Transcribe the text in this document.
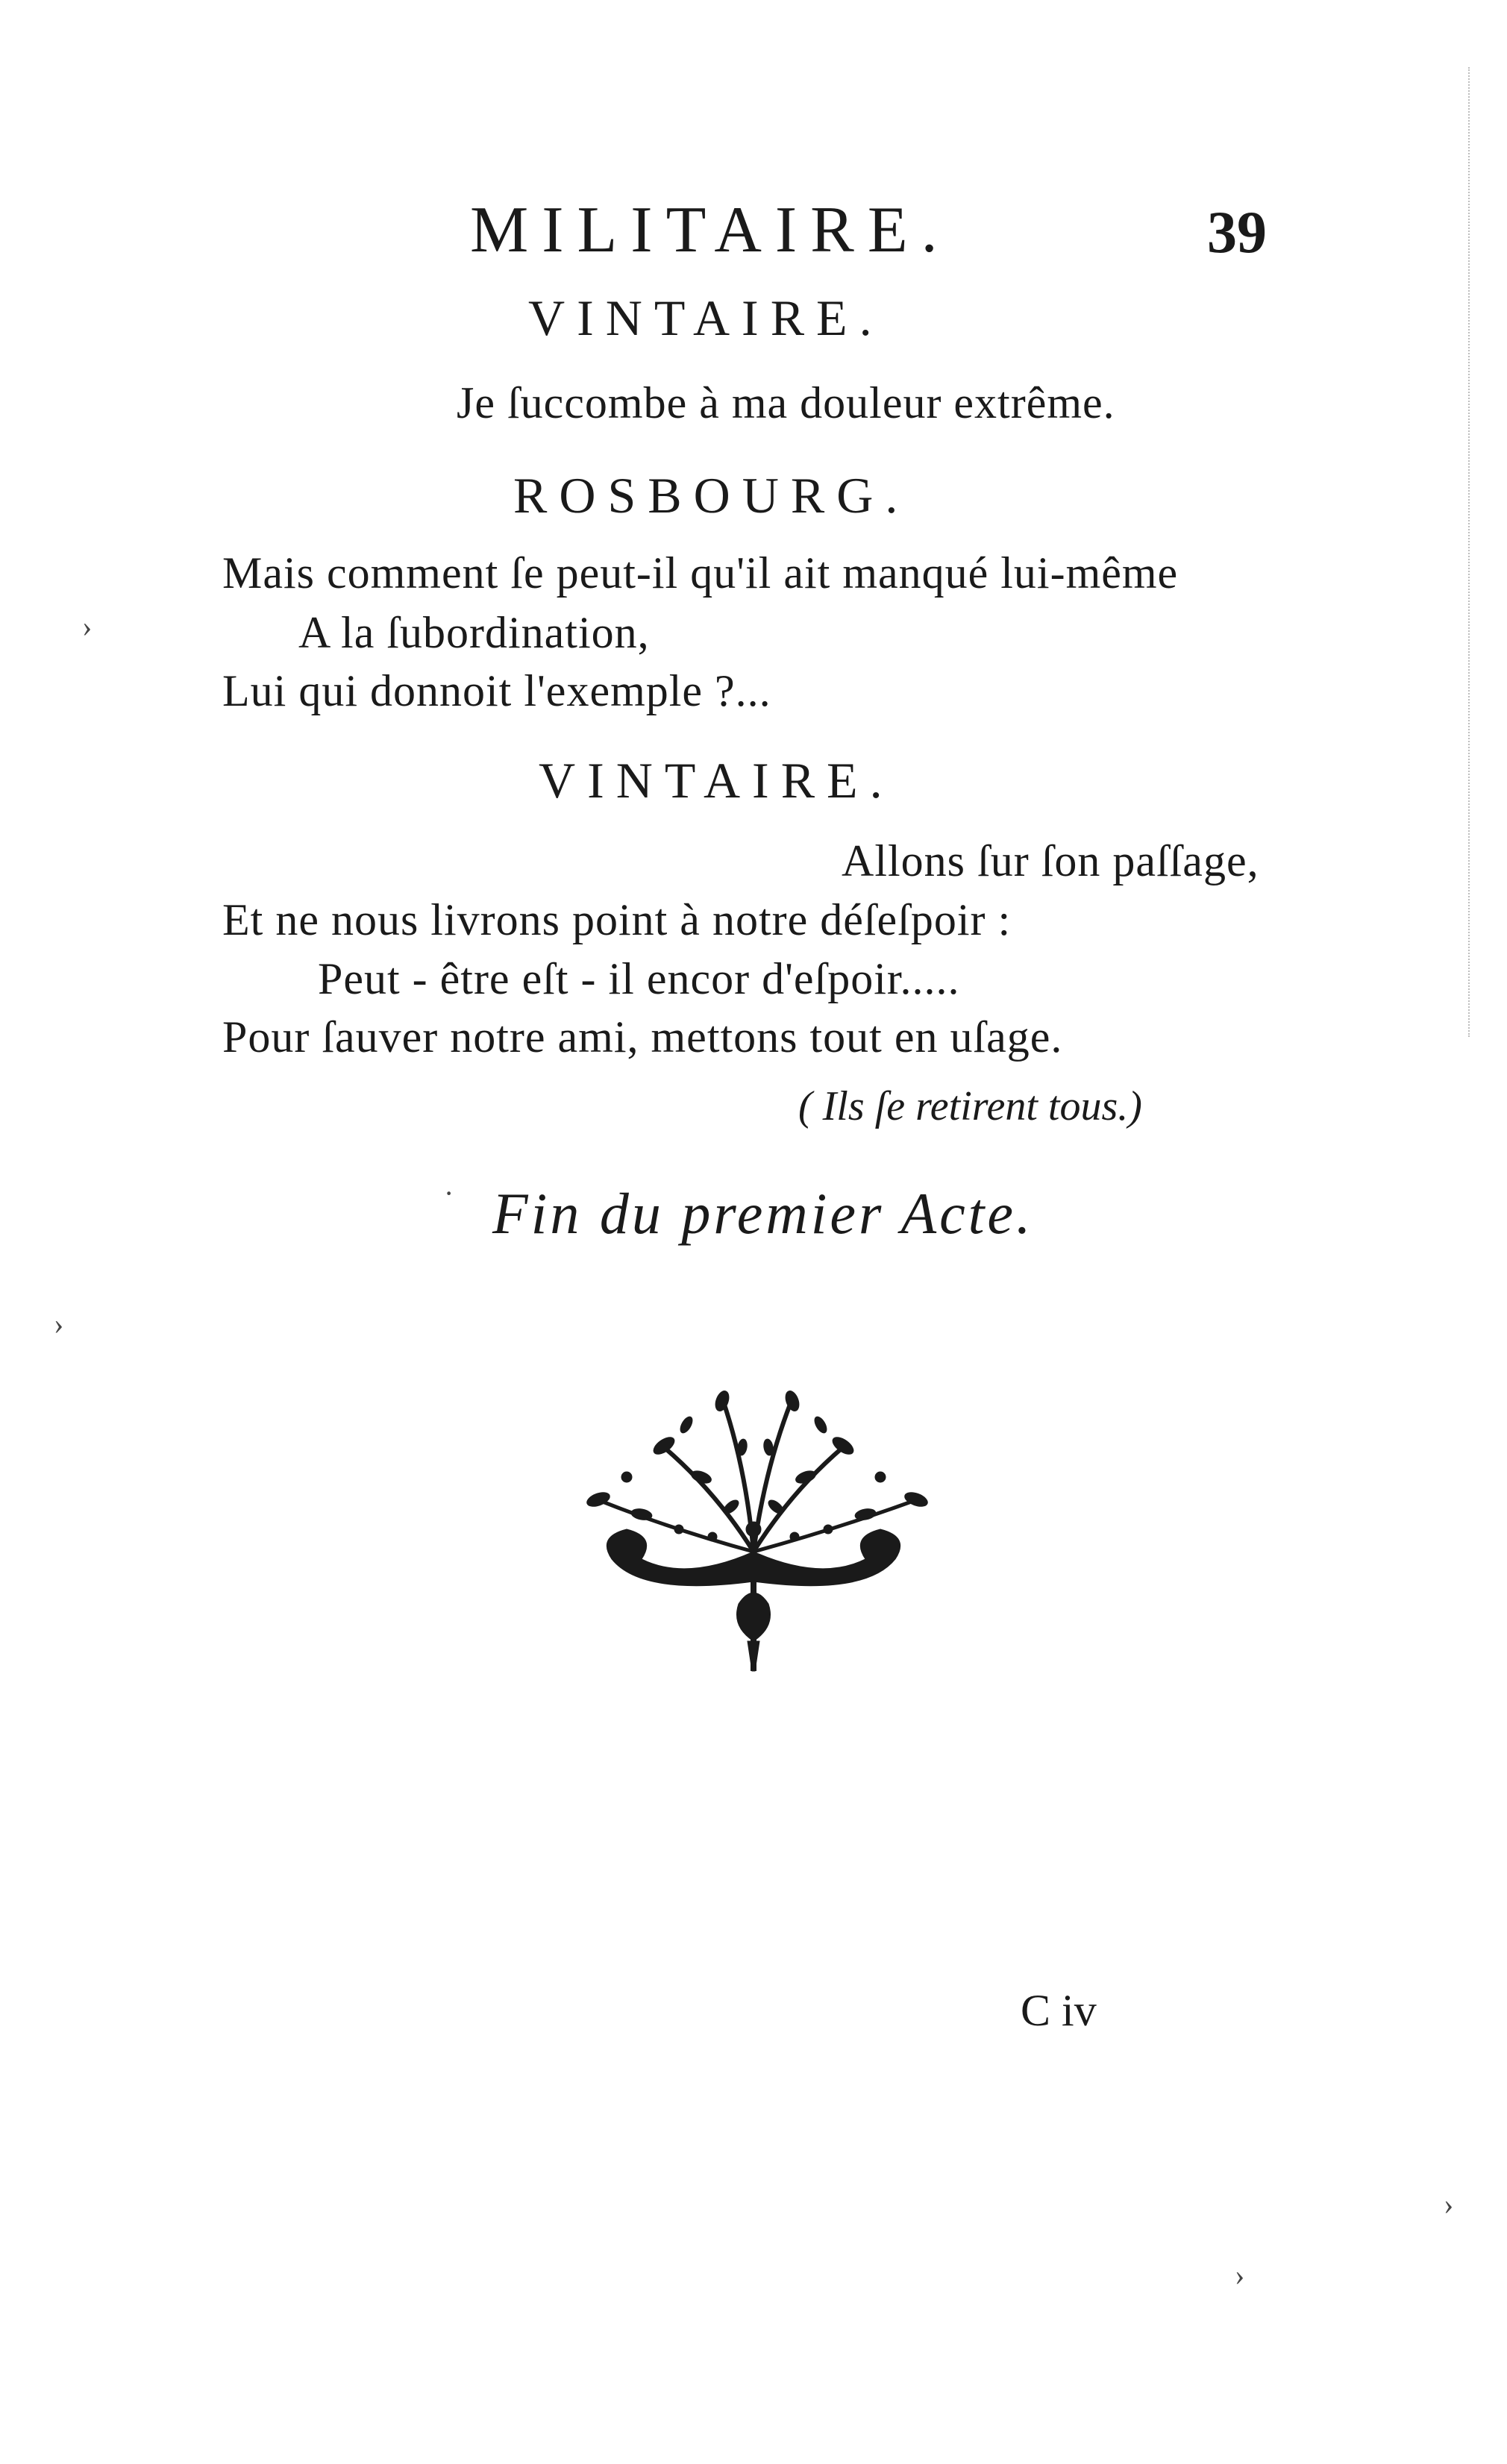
MILITAIRE.	39
VINTAIRE.
Je ſuccombe à ma douleur extrême.
ROSBOURG.
Mais comment ſe peut-il qu'il ait manqué lui-même
A la ſubordination,
Lui qui donnoit l'exemple ?...
VINTAIRE.
Allons ſur ſon paſſage,
Et ne nous livrons point à notre déſeſpoir :
Peut - être eſt - il encor d'eſpoir.....
Pour ſauver notre ami, mettons tout en uſage.
( Ils ſe retirent tous.)
Fin du premier Acte.
C iv
›
›
›
›
·
